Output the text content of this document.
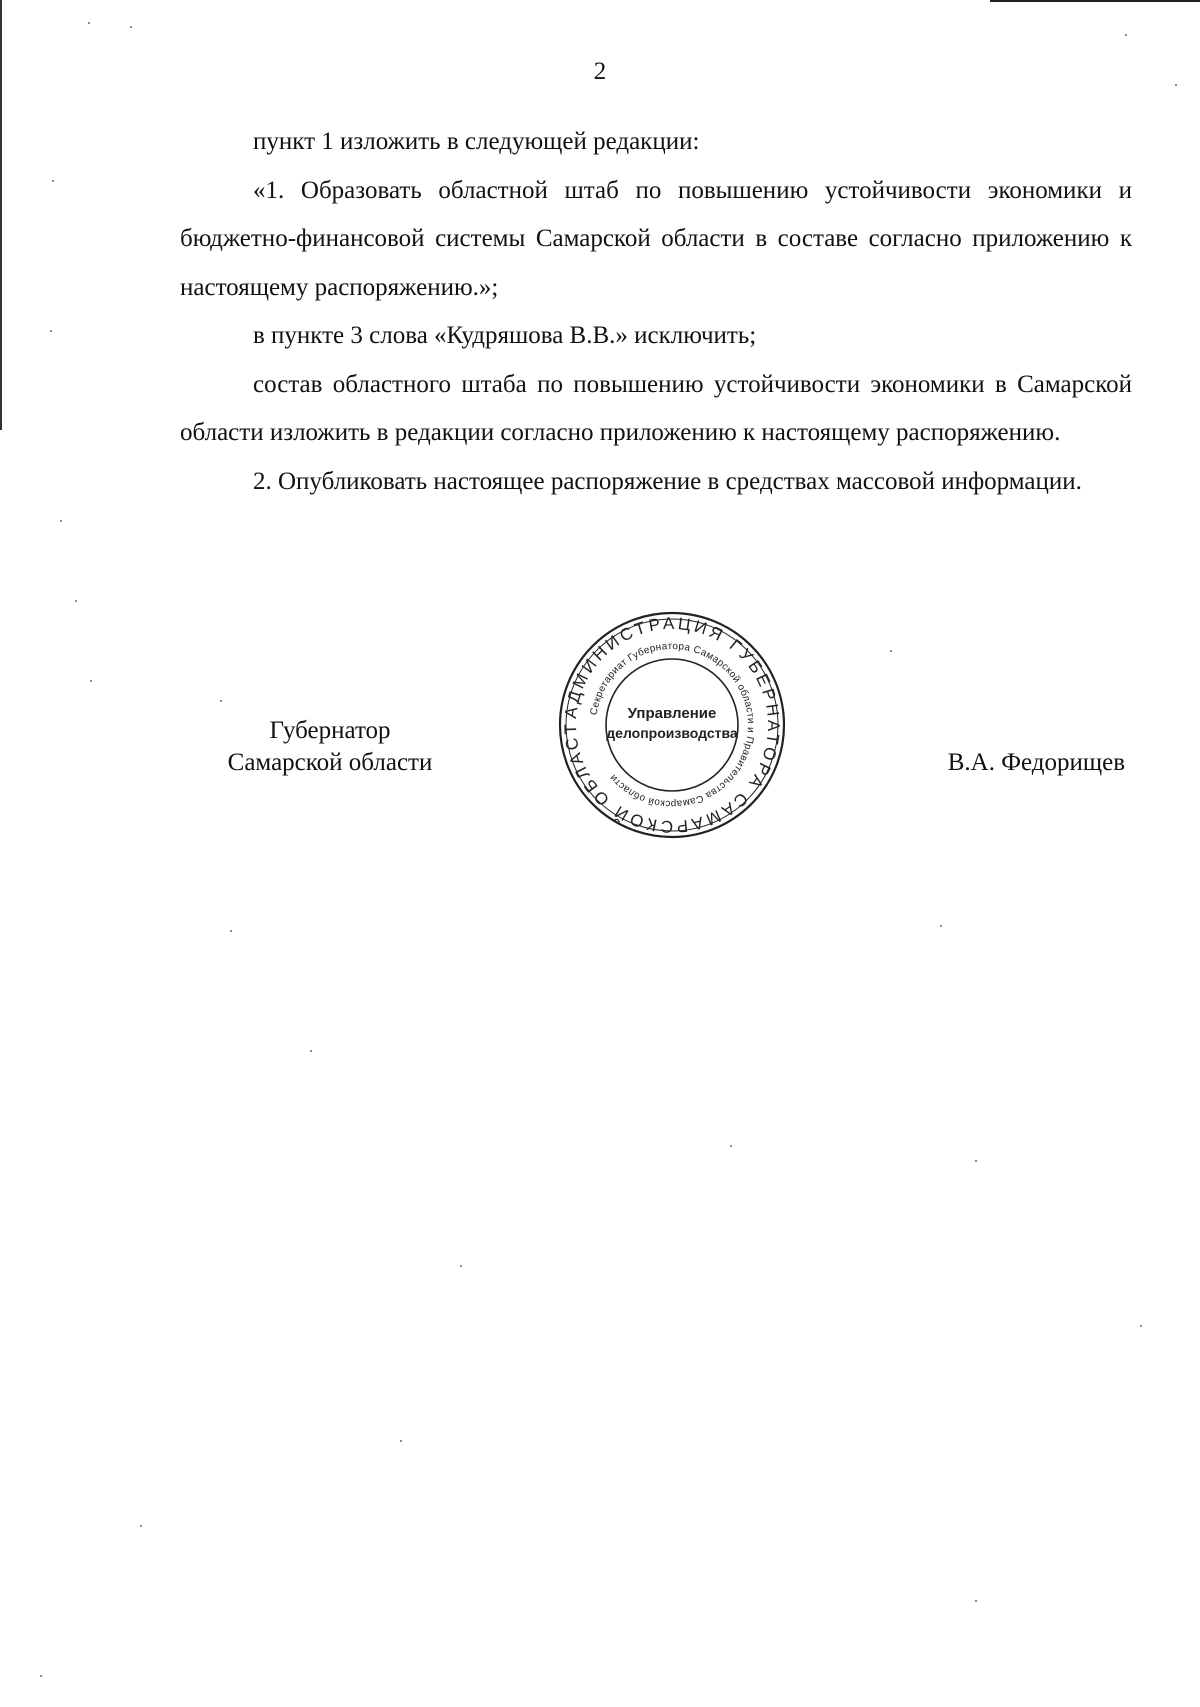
2

пункт 1 изложить в следующей редакции:

«1. Образовать областной штаб по повышению устойчивости экономики и бюджетно-финансовой системы Самарской области в составе согласно приложению к настоящему распоряжению.»;

в пункте 3 слова «Кудряшова В.В.» исключить;

состав областного штаба по повышению устойчивости экономики в Самарской области изложить в редакции согласно приложению к настоящему распоряжению.

2. Опубликовать настоящее распоряжение в средствах массовой информации.

Губернатор
Самарской области
АДМИНИСТРАЦИЯ ГУБЕРНАТОРА САМАРСКОЙ ОБЛАСТ
Секретариат Губернатора Самарской области и Правительства Самарской области
Управление
делопроизводства
В.А. Федорищев
